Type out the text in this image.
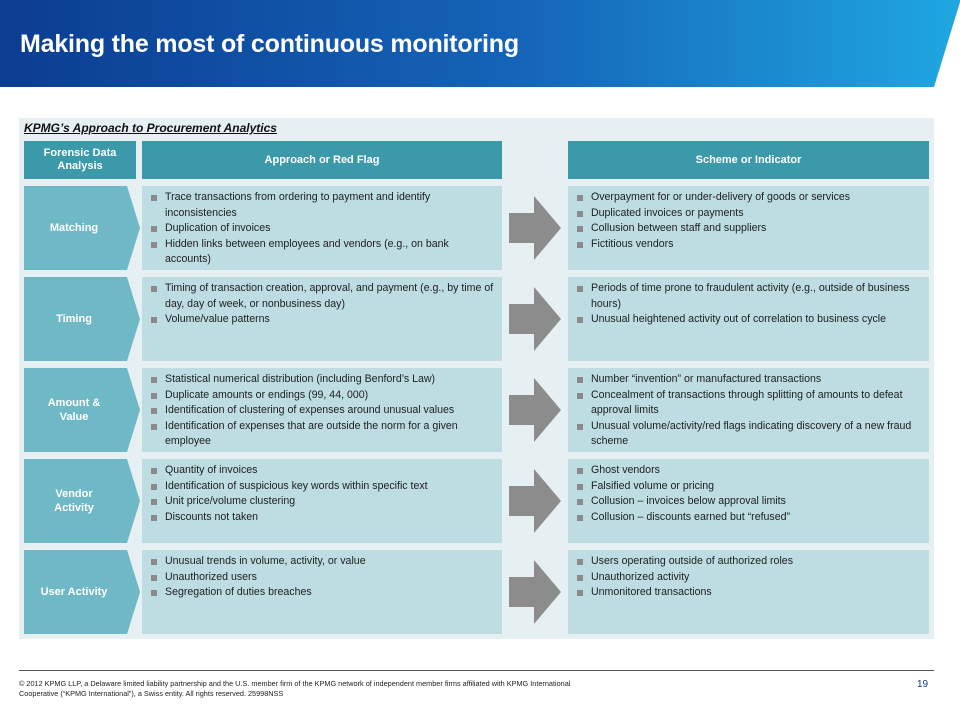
Making the most of continuous monitoring
KPMG’s Approach to Procurement Analytics
Forensic Data Analysis
Approach or Red Flag	Scheme or Indicator
Matching
Trace transactions from ordering to payment and identify inconsistencies
Duplication of invoices
Hidden links between employees and vendors (e.g., on bank accounts)
Overpayment for or under-delivery of goods or services
Duplicated invoices or payments
Collusion between staff and suppliers
Fictitious vendors
Timing
Timing of transaction creation, approval, and payment (e.g., by time of day, day of week, or nonbusiness day)
Volume/value patterns
Periods of time prone to fraudulent activity (e.g., outside of business hours)
Unusual heightened activity out of correlation to business cycle
Amount & Value
Statistical numerical distribution (including Benford’s Law)
Duplicate amounts or endings (99, 44, 000)
Identification of clustering of expenses around unusual values
Identification of expenses that are outside the norm for a given employee
Number “invention” or manufactured transactions
Concealment of transactions through splitting of amounts to defeat approval limits
Unusual volume/activity/red flags indicating discovery of a new fraud scheme
Vendor Activity
Quantity of invoices
Identification of suspicious key words within specific text
Unit price/volume clustering
Discounts not taken
Ghost vendors
Falsified volume or pricing
Collusion – invoices below approval limits
Collusion – discounts earned but “refused”
User Activity
Unusual trends in volume, activity, or value
Unauthorized users
Segregation of duties breaches
Users operating outside of authorized roles
Unauthorized activity
Unmonitored transactions
© 2012 KPMG LLP, a Delaware limited liability partnership and the U.S. member firm of the KPMG network of independent member firms affiliated with KPMG International Cooperative (“KPMG International”), a Swiss entity. All rights reserved. 25998NSS
19
